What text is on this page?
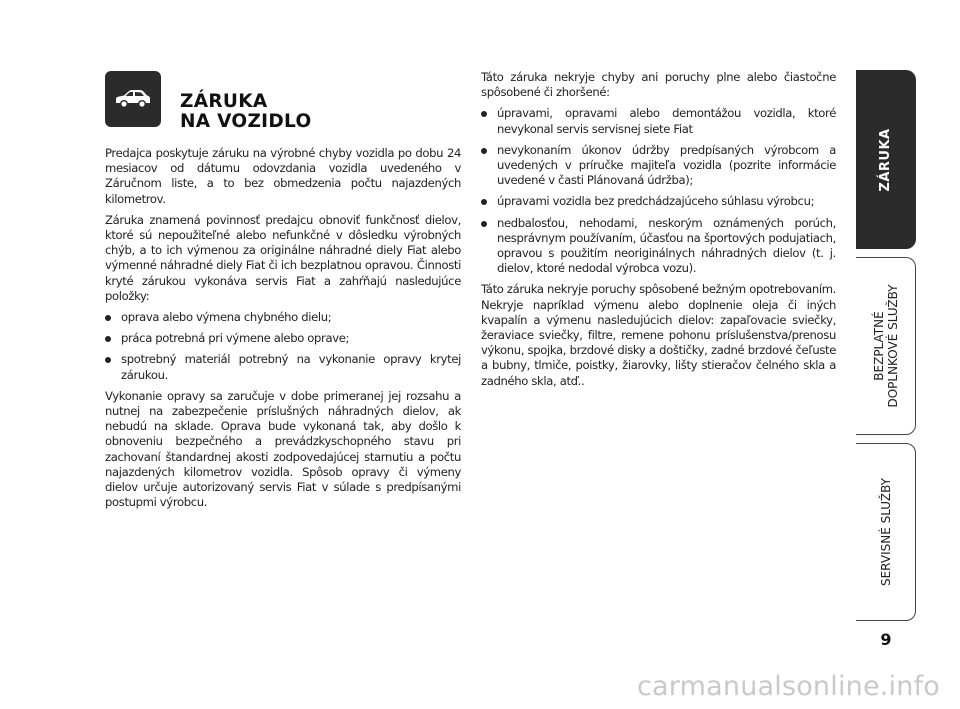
ZÁRUKA
NA VOZIDLO

Predajca poskytuje záruku na výrobné chyby vozidla po dobu 24 mesiacov od dátumu odovzdania vozidla uvedeného v Záručnom liste, a to bez obmedzenia počtu najazdených kilometrov.

Záruka znamená povinnosť predajcu obnoviť funkčnosť dielov, ktoré sú nepoužiteľné alebo nefunkčné v dôsledku výrobných chýb, a to ich výmenou za originálne náhradné diely Fiat alebo výmenné náhradné diely Fiat či ich bezplatnou opravou. Činnosti kryté zárukou vykonáva servis Fiat a zahŕňajú nasledujúce položky:

oprava alebo výmena chybného dielu;
práca potrebná pri výmene alebo oprave;
spotrebný materiál potrebný na vykonanie opravy krytej zárukou.

Vykonanie opravy sa zaručuje v dobe primeranej jej rozsahu a nutnej na zabezpečenie príslušných náhradných dielov, ak nebudú na sklade. Oprava bude vykonaná tak, aby došlo k obnoveniu bezpečného a prevádzkyschopného stavu pri zachovaní štandardnej akosti zodpovedajúcej starnutiu a počtu najazdených kilometrov vozidla. Spôsob opravy či výmeny dielov určuje autorizovaný servis Fiat v súlade s predpísanými postupmi výrobcu.

Táto záruka nekryje chyby ani poruchy plne alebo čiastočne spôsobené či zhoršené:

úpravami, opravami alebo demontážou vozidla, ktoré nevykonal servis servisnej siete Fiat
nevykonaním úkonov údržby predpísaných výrobcom a uvedených v príručke majiteľa vozidla (pozrite informácie uvedené v časti Plánovaná údržba);
úpravami vozidla bez predchádzajúceho súhlasu výrobcu;
nedbalosťou, nehodami, neskorým oznámených porúch, nesprávnym používaním, účasťou na športových podujatiach, opravou s použitím neoriginálnych náhradných dielov (t. j. dielov, ktoré nedodal výrobca vozu).

Táto záruka nekryje poruchy spôsobené bežným opotrebovaním. Nekryje napríklad výmenu alebo doplnenie oleja či iných kvapalín a výmenu nasledujúcich dielov: zapaľovacie sviečky, žeraviace sviečky, filtre, remene pohonu príslušenstva/prenosu výkonu, spojka, brzdové disky a doštičky, zadné brzdové čeľuste a bubny, tlmiče, poistky, žiarovky, lišty stieračov čelného skla a zadného skla, atď..

ZÁRUKA
BEZPLATNÉ DOPLNKOVÉ SLUŽBY
SERVISNÉ SLUŽBY
9
carmanualsonline.info
